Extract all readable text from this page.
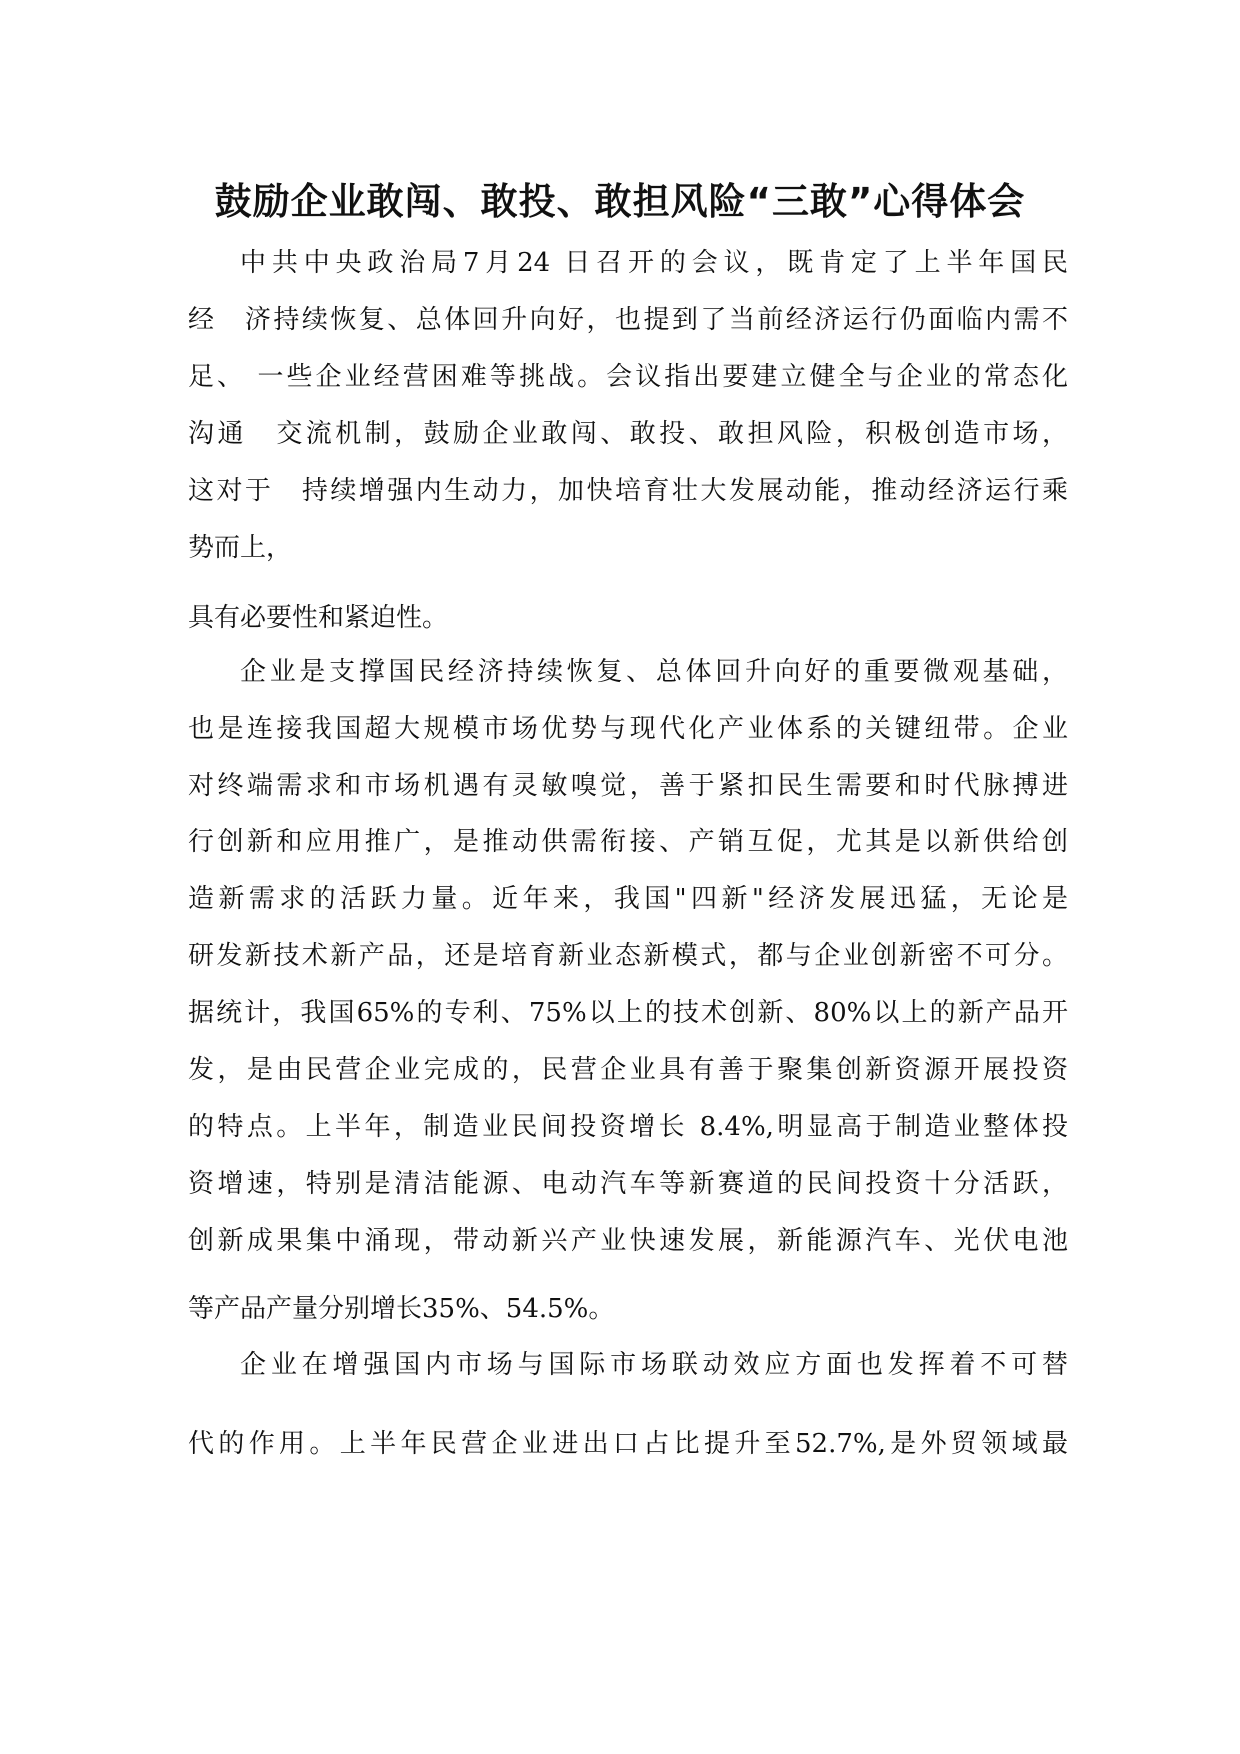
鼓励企业敢闯、敢投、敢担风险“三敢”心得体会

中共中央政治局7月24 日召开的会议，既肯定了上半年国民

经　济持续恢复、总体回升向好，也提到了当前经济运行仍面临内需不

足、 一些企业经营困难等挑战。会议指出要建立健全与企业的常态化

沟通　交流机制，鼓励企业敢闯、敢投、敢担风险，积极创造市场，

这对于　持续增强内生动力，加快培育壮大发展动能，推动经济运行乘

势而上，

具有必要性和紧迫性。

企业是支撑国民经济持续恢复、总体回升向好的重要微观基础，

也是连接我国超大规模市场优势与现代化产业体系的关键纽带。企业

对终端需求和市场机遇有灵敏嗅觉，善于紧扣民生需要和时代脉搏进

行创新和应用推广，是推动供需衔接、产销互促，尤其是以新供给创

造新需求的活跃力量。近年来，我国"四新"经济发展迅猛，无论是

研发新技术新产品，还是培育新业态新模式，都与企业创新密不可分。

据统计，我国65%的专利、75%以上的技术创新、80%以上的新产品开

发，是由民营企业完成的，民营企业具有善于聚集创新资源开展投资

的特点。上半年，制造业民间投资增长 8.4%,明显高于制造业整体投

资增速，特别是清洁能源、电动汽车等新赛道的民间投资十分活跃，

创新成果集中涌现，带动新兴产业快速发展，新能源汽车、光伏电池

等产品产量分别增长35%、54.5%。

企业在增强国内市场与国际市场联动效应方面也发挥着不可替

代的作用。上半年民营企业进出口占比提升至52.7%,是外贸领域最
